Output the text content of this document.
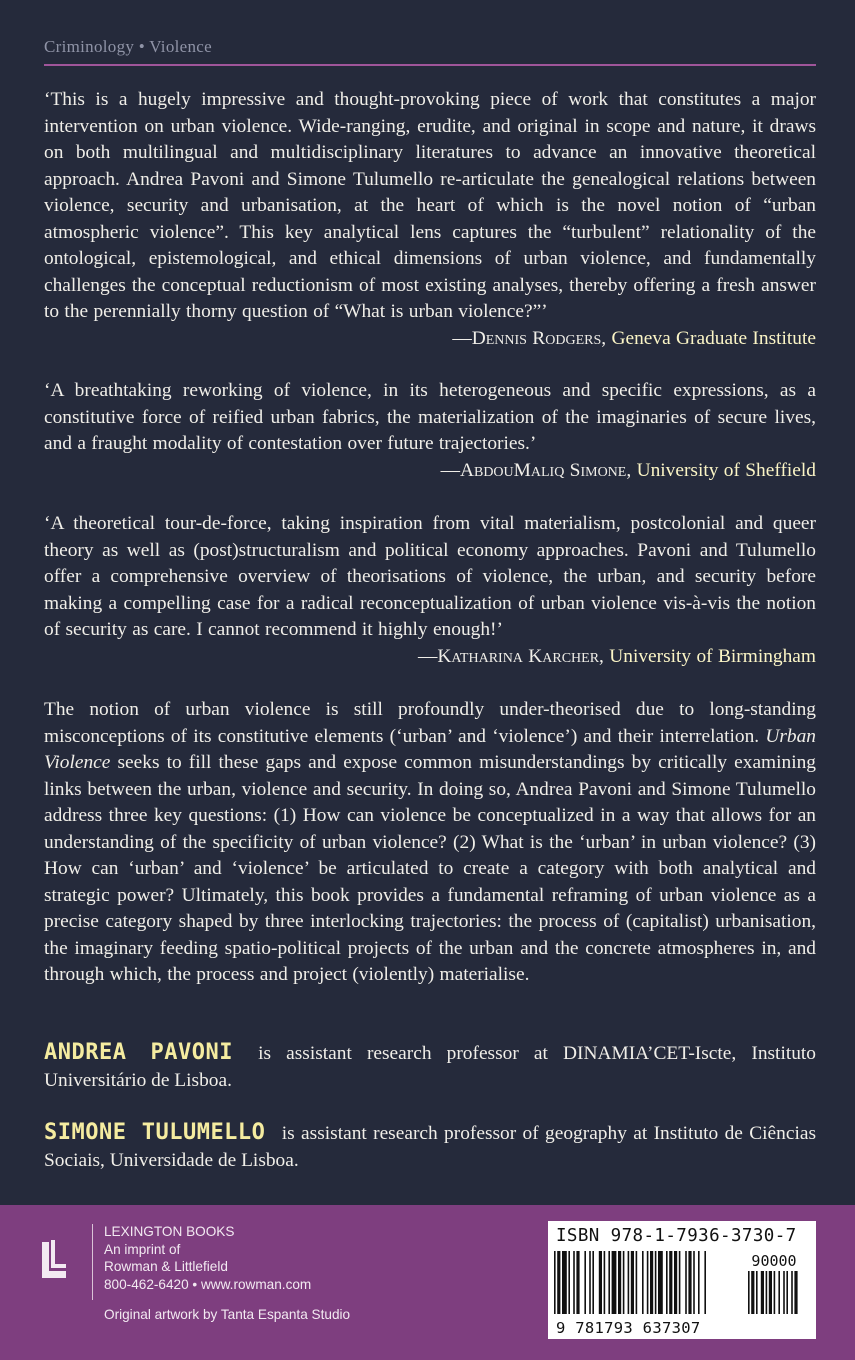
Criminology • Violence
‘This is a hugely impressive and thought-provoking piece of work that constitutes a major intervention on urban violence. Wide-ranging, erudite, and original in scope and nature, it draws on both multilingual and multidisciplinary literatures to advance an innovative theoretical approach. Andrea Pavoni and Simone Tulumello re-articulate the genealogical relations between violence, security and urbanisation, at the heart of which is the novel notion of “urban atmospheric violence”. This key analytical lens captures the “turbulent” relationality of the ontological, epistemological, and ethical dimensions of urban violence, and fundamentally challenges the conceptual reductionism of most existing analyses, thereby offering a fresh answer to the perennially thorny question of “What is urban violence?”’
—Dennis Rodgers, Geneva Graduate Institute
‘A breathtaking reworking of violence, in its heterogeneous and specific expressions, as a constitutive force of reified urban fabrics, the materialization of the imaginaries of secure lives, and a fraught modality of contestation over future trajectories.’
—AbdouMaliq Simone, University of Sheffield
‘A theoretical tour-de-force, taking inspiration from vital materialism, postcolonial and queer theory as well as (post)structuralism and political economy approaches. Pavoni and Tulumello offer a comprehensive overview of theorisations of violence, the urban, and security before making a compelling case for a radical reconceptualization of urban violence vis-à-vis the notion of security as care. I cannot recommend it highly enough!’
—Katharina Karcher, University of Birmingham
The notion of urban violence is still profoundly under-theorised due to long-standing misconceptions of its constitutive elements (‘urban’ and ‘violence’) and their interrelation. Urban Violence seeks to fill these gaps and expose common misunderstandings by critically examining links between the urban, violence and security. In doing so, Andrea Pavoni and Simone Tulumello address three key questions: (1) How can violence be conceptualized in a way that allows for an understanding of the specificity of urban violence? (2) What is the ‘urban’ in urban violence? (3) How can ‘urban’ and ‘violence’ be articulated to create a category with both analytical and strategic power? Ultimately, this book provides a fundamental reframing of urban violence as a precise category shaped by three interlocking trajectories: the process of (capitalist) urbanisation, the imaginary feeding spatio-political projects of the urban and the concrete atmospheres in, and through which, the process and project (violently) materialise.
ANDREA PAVONI is assistant research professor at DINAMIA’CET-Iscte, Instituto Universitário de Lisboa.
SIMONE TULUMELLO is assistant research professor of geography at Instituto de Ciências Sociais, Universidade de Lisboa.
LEXINGTON BOOKS
An imprint of
Rowman & Littlefield
800-462-6420 • www.rowman.com
Original artwork by Tanta Espanta Studio
ISBN 978-1-7936-3730-7
90000
9 781793 637307
